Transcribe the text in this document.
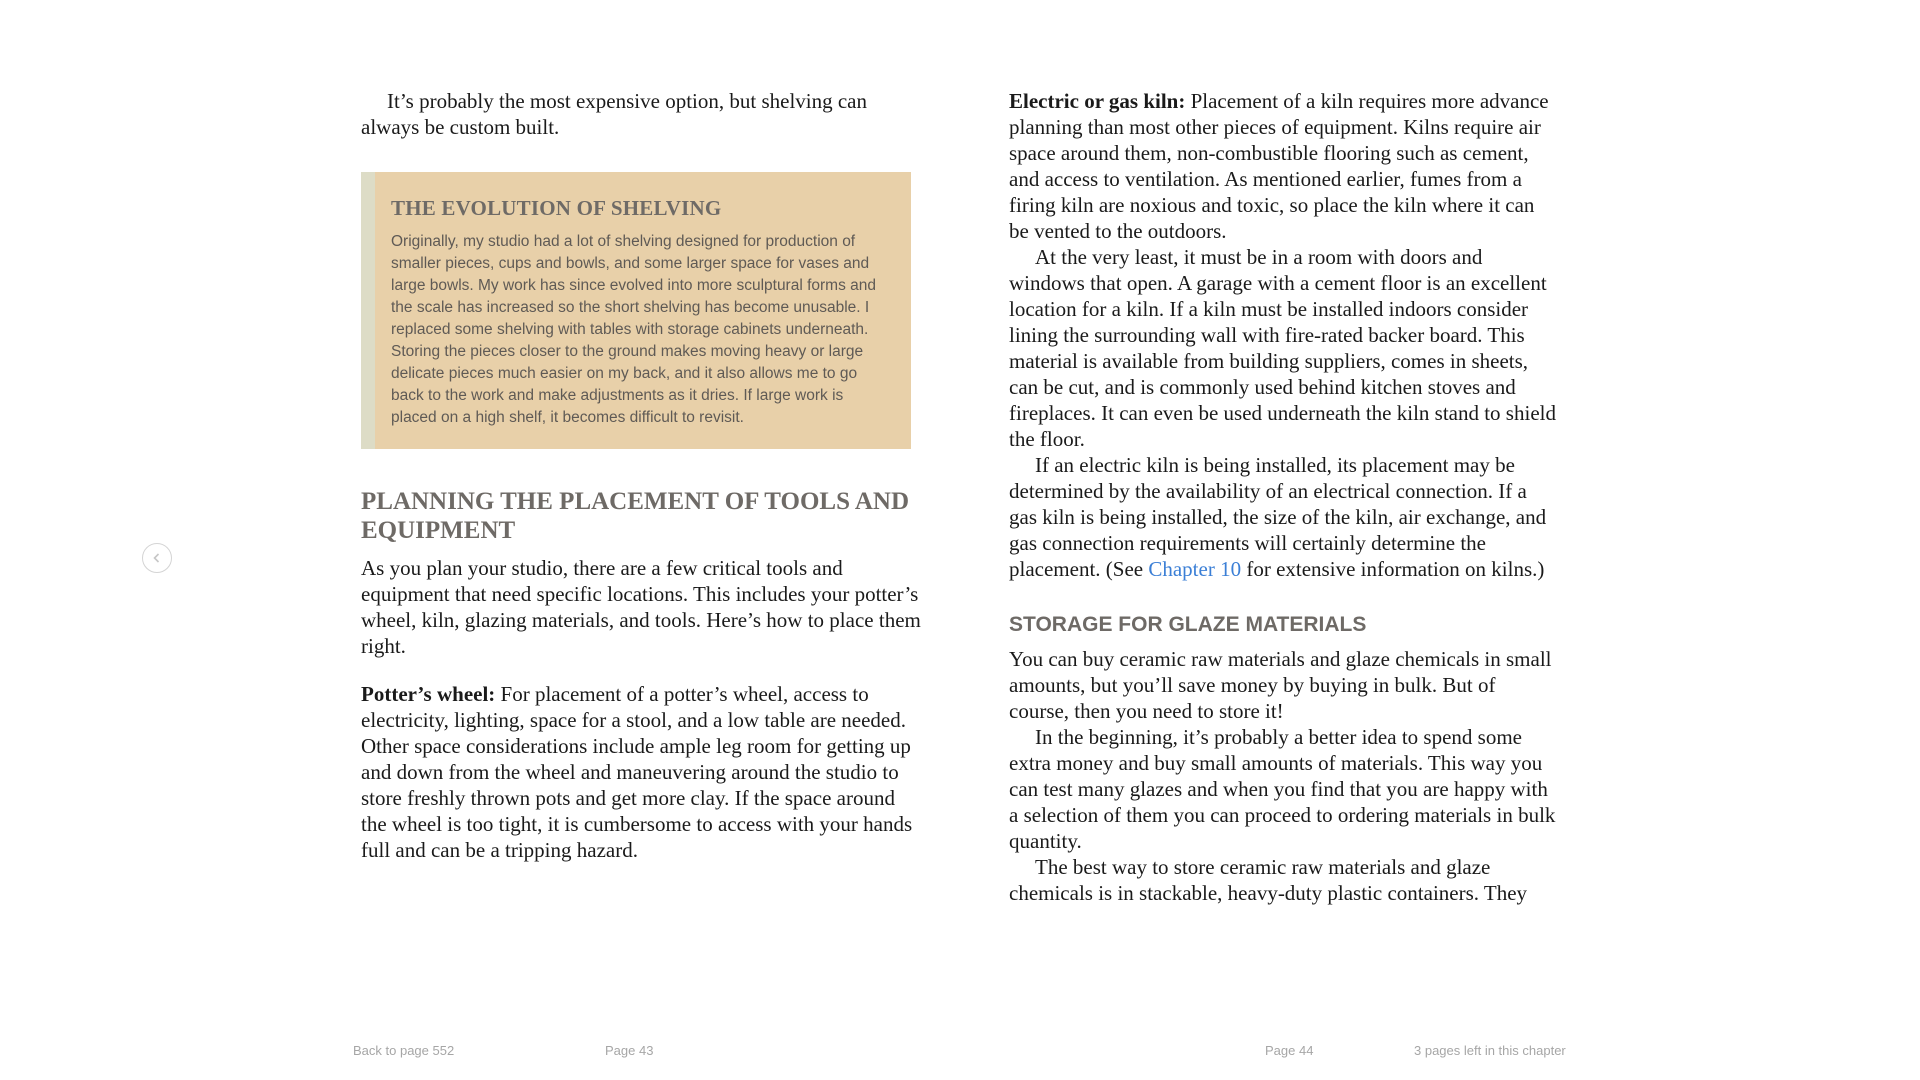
It’s probably the most expensive option, but shelving can always be custom built.

THE EVOLUTION OF SHELVING

Originally, my studio had a lot of shelving designed for production of smaller pieces, cups and bowls, and some larger space for vases and large bowls. My work has since evolved into more sculptural forms and the scale has increased so the short shelving has become unusable. I replaced some shelving with tables with storage cabinets underneath. Storing the pieces closer to the ground makes moving heavy or large delicate pieces much easier on my back, and it also allows me to go back to the work and make adjustments as it dries. If large work is placed on a high shelf, it becomes difficult to revisit.

PLANNING THE PLACEMENT OF TOOLS AND EQUIPMENT

As you plan your studio, there are a few critical tools and equipment that need specific locations. This includes your potter’s wheel, kiln, glazing materials, and tools. Here’s how to place them right.

Potter’s wheel: For placement of a potter’s wheel, access to electricity, lighting, space for a stool, and a low table are needed. Other space considerations include ample leg room for getting up and down from the wheel and maneuvering around the studio to store freshly thrown pots and get more clay. If the space around the wheel is too tight, it is cumbersome to access with your hands full and can be a tripping hazard.

Electric or gas kiln: Placement of a kiln requires more advance planning than most other pieces of equipment. Kilns require air space around them, non-combustible flooring such as cement, and access to ventilation. As mentioned earlier, fumes from a firing kiln are noxious and toxic, so place the kiln where it can be vented to the outdoors.

At the very least, it must be in a room with doors and windows that open. A garage with a cement floor is an excellent location for a kiln. If a kiln must be installed indoors consider lining the surrounding wall with fire-rated backer board. This material is available from building suppliers, comes in sheets, can be cut, and is commonly used behind kitchen stoves and fireplaces. It can even be used underneath the kiln stand to shield the floor.

If an electric kiln is being installed, its placement may be determined by the availability of an electrical connection. If a gas kiln is being installed, the size of the kiln, air exchange, and gas connection requirements will certainly determine the placement. (See Chapter 10 for extensive information on kilns.)

STORAGE FOR GLAZE MATERIALS

You can buy ceramic raw materials and glaze chemicals in small amounts, but you’ll save money by buying in bulk. But of course, then you need to store it!

In the beginning, it’s probably a better idea to spend some extra money and buy small amounts of materials. This way you can test many glazes and when you find that you are happy with a selection of them you can proceed to ordering materials in bulk quantity.

The best way to store ceramic raw materials and glaze chemicals is in stackable, heavy-duty plastic containers. They

Back to page 552	Page 43	Page 44	3 pages left in this chapter
